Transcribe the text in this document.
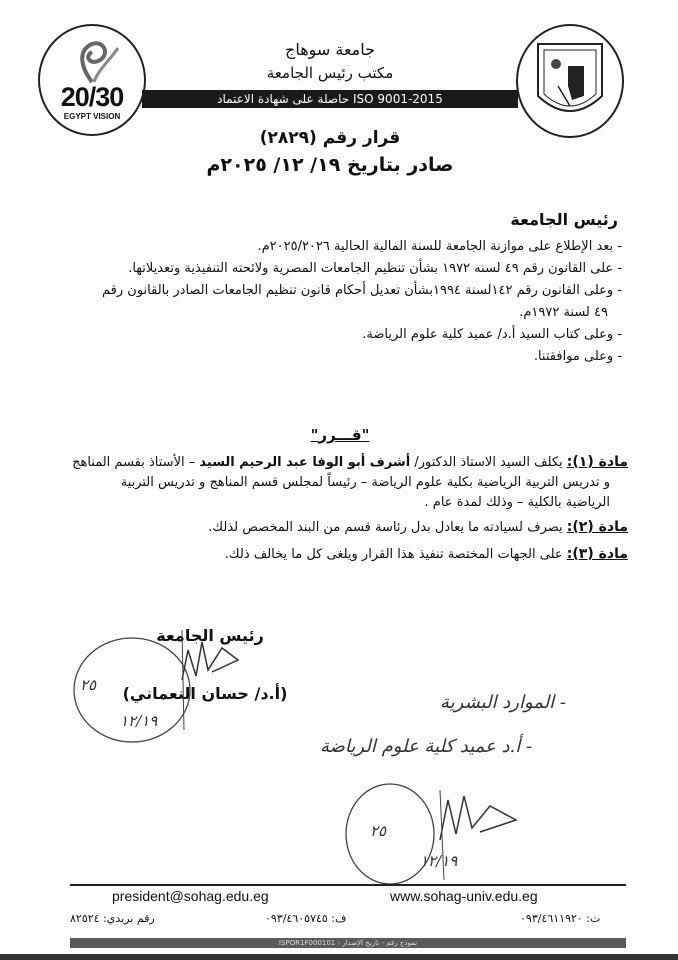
20/30
EGYPT VISION
جامعة سوهاج
مكتب رئيس الجامعة
حاصلة على شهادة الاعتماد ISO 9001-2015
قرار رقم (٢٨٢٩)
صادر بتاريخ ١٩/ ١٢/ ٢٠٢٥م
رئيس الجامعة
- بعد الإطلاع على موازنة الجامعة للسنة المالية الحالية ٢٠٢٥/٢٠٢٦م.
- على القانون رقم ٤٩ لسنه ١٩٧٢ بشأن تنظيم الجامعات المصرية ولائحته التنفيذية وتعديلاتها.
- وعلى القانون رقم ١٤٢لسنة ١٩٩٤بشأن تعديل أحكام قانون تنظيم الجامعات الصادر بالقانون رقم
٤٩ لسنة ١٩٧٢م.
- وعلى كتاب السيد أ.د/ عميد كلية علوم الرياضة.
- وعلى موافقتنا.
"قـــرر"
مادة (١): يكلف السيد الاستاذ الدكتور/ أشرف أبو الوفا عبد الرحيم السيد – الأستاذ بقسم المناهج
و تدريس التربية الرياضية بكلية علوم الرياضة – رئيساً لمجلس قسم المناهج و تدريس التربية
الرياضية بالكلية – وذلك لمدة عام .
مادة (٢): يصرف لسيادته ما يعادل بدل رئاسة قسم من البند المخصص لذلك.
مادة (٣): على الجهات المختصة تنفيذ هذا القرار ويلغى كل ما يخالف ذلك.
رئيس الجامعة
(أ.د/ حسان النعماني)
٢٥
١٢/١٩
- الموارد البشرية
- أ.د عميد كلية علوم الرياضة
٢٥
١٢/١٩
president@sohag.edu.eg	www.sohag-univ.edu.eg
رقم بريدي: ٨٢٥٢٤	ف: ٠٩٣/٤٦٠٥٧٤٥	ت: ٠٩٣/٤٦١١٩٢٠
ISPOR1F000101 - نموذج رقم - تاريخ الإصدار
